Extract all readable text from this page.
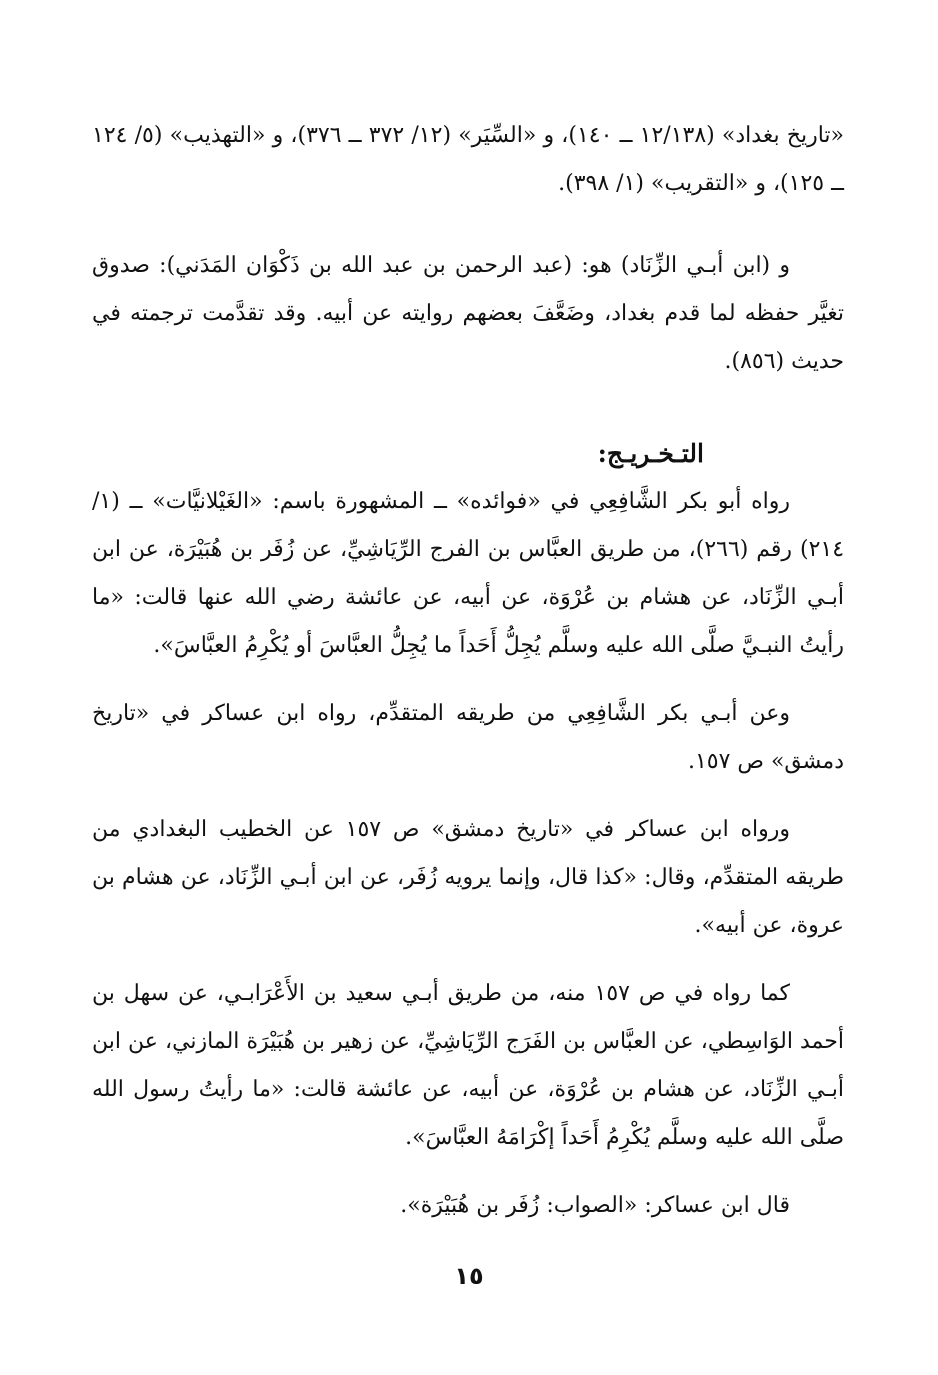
«تاريخ بغداد» (١٢/١٣٨ ــ ١٤٠)، و «السِّيَر» (١٢/ ٣٧٢ ــ ٣٧٦)، و «التهذيب» (٥/ ١٢٤ ــ ١٢٥)، و «التقريب» (١/ ٣٩٨).

و (ابن أبـي الزِّنَاد) هو: (عبد الرحمن بن عبد الله بن ذَكْوَان المَدَني): صدوق تغيَّر حفظه لما قدم بغداد، وضَعَّفَ بعضهم روايته عن أبيه. وقد تقدَّمت ترجمته في حديث (٨٥٦).

التـخـريـج:

رواه أبو بكر الشَّافِعِي في «فوائده» ــ المشهورة باسم: «الغَيْلانيَّات» ــ (١/ ٢١٤) رقم (٢٦٦)، من طريق العبَّاس بن الفرج الرِّيَاشِيِّ، عن زُفَر بن هُبَيْرَة، عن ابن أبـي الزِّنَاد، عن هشام بن عُرْوَة، عن أبيه، عن عائشة رضي الله عنها قالت: «ما رأيتُ النبـيَّ صلَّى الله عليه وسلَّم يُجِلُّ أَحَداً ما يُجِلُّ العبَّاسَ أو يُكْرِمُ العبَّاسَ».

وعن أبـي بكر الشَّافِعِي من طريقه المتقدِّم، رواه ابن عساكر في «تاريخ دمشق» ص ١٥٧.

ورواه ابن عساكر في «تاريخ دمشق» ص ١٥٧ عن الخطيب البغدادي من طريقه المتقدِّم، وقال: «كذا قال، وإنما يرويه زُفَر، عن ابن أبـي الزِّنَاد، عن هشام بن عروة، عن أبيه».

كما رواه في ص ١٥٧ منه، من طريق أبـي سعيد بن الأَعْرَابـي، عن سهل بن أحمد الوَاسِطي، عن العبَّاس بن الفَرَج الرِّيَاشِيِّ، عن زهير بن هُبَيْرَة المازني، عن ابن أبـي الزِّنَاد، عن هشام بن عُرْوَة، عن أبيه، عن عائشة قالت: «ما رأيتُ رسول الله صلَّى الله عليه وسلَّم يُكْرِمُ أَحَداً إكْرَامَهُ العبَّاسَ».

قال ابن عساكر: «الصواب: زُفَر بن هُبَيْرَة».

١٥
